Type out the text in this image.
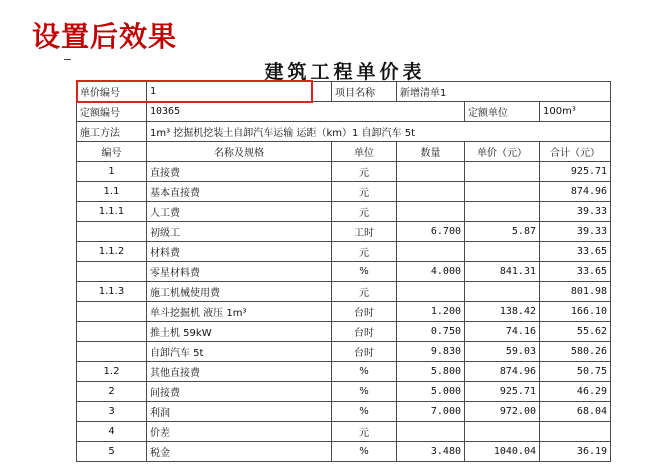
设置后效果
建筑工程单价表
单价编号	1	项目名称	新增清单1		
定额编号	10365			定额单位	100m³
施工方法	1m³ 挖掘机挖装土自卸汽车运输 运距（km）1 自卸汽车 5t				
编号	名称及规格	单位	数量	单价（元）	合计（元）
1	直接费	元			925.71
1.1	基本直接费	元			874.96
1.1.1	人工费	元			39.33
	初级工	工时	6.700	5.87	39.33
1.1.2	材料费	元			33.65
	零星材料费	%	4.000	841.31	33.65
1.1.3	施工机械使用费	元			801.98
	单斗挖掘机 液压 1m³	台时	1.200	138.42	166.10
	推土机 59kW	台时	0.750	74.16	55.62
	自卸汽车 5t	台时	9.830	59.03	580.26
1.2	其他直接费	%	5.800	874.96	50.75
2	间接费	%	5.000	925.71	46.29
3	利润	%	7.000	972.00	68.04
4	价差	元			
5	税金	%	3.480	1040.04	36.19
